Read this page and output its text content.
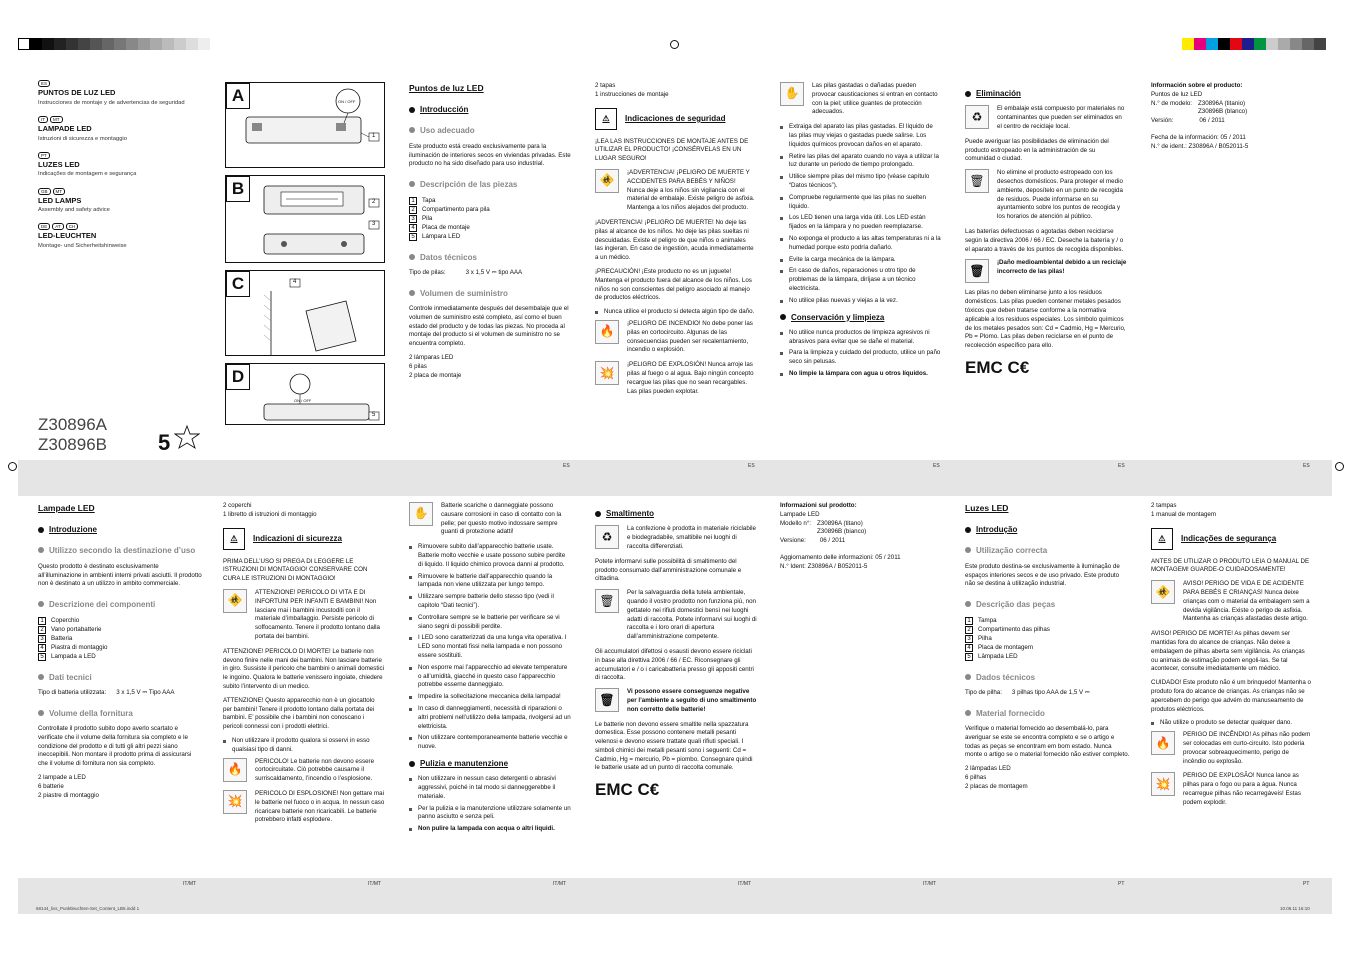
ES	ES	ES	ES	ES
IT/MT	IT/MT	IT/MT	IT/MT	IT/MT	PT	PT
68144_livs_Punktleuchten-Set_Content_LB5.indd 1	10.06.11 16:10
ES
PUNTOS DE LUZ LED
Instrucciones de montaje y de advertencias de seguridad
IT	MT
LAMPADE LED
Istruzioni di sicurezza e montaggio
PT
LUZES LED
Indicações de montagem e segurança
GB	MT
LED LAMPS
Assembly and safety advice
DE	AT	CH
LED-LEUCHTEN
Montage- und Sicherheitshinweise
Z30896A
Z30896B 5
A	ON / OFF
1
B
2
3
C	4
D
ON / OFF
5
Puntos de luz LED
Introducción
Uso adecuado

Este producto está creado exclusivamente para la iluminación de interiores secos en viviendas privadas. Este producto no ha sido diseñado para uso industrial.

Descripción de las piezas
1	Tapa
2	Compartimento para pila
3	Pila
4	Placa de montaje
5	Lámpara LED
Datos técnicos

Tipo de pilas:	3 x 1,5 V ⎓ tipo AAA

Volumen de suministro

Controle inmediatamente después del desembalaje que el volumen de suministro esté completo, así como el buen estado del producto y de todas las piezas. No proceda al montaje del producto si el volumen de suministro no se encuentra completo.

2 lámparas LED
6 pilas
2 placa de montaje
2 tapas
1 instrucciones de montaje
⚠	Indicaciones de seguridad

¡LEA LAS INSTRUCCIONES DE MONTAJE ANTES DE UTILIZAR EL PRODUCTO! ¡CONSÉRVELAS EN UN LUGAR SEGURO!

🚸
¡ADVERTENCIA! ¡PELIGRO DE MUERTE Y ACCIDENTES PARA BEBÉS Y NIÑOS! Nunca deje a los niños sin vigilancia con el material de embalaje. Existe peligro de asfixia. Mantenga a los niños alejados del producto.

¡ADVERTENCIA! ¡PELIGRO DE MUERTE! No deje las pilas al alcance de los niños. No deje las pilas sueltas ni descuidadas. Existe el peligro de que niños o animales las ingieran. En caso de ingestión, acuda inmediatamente a un médico.

¡PRECAUCIÓN! ¡Este producto no es un juguete! Mantenga el producto fuera del alcance de los niños. Los niños no son conscientes del peligro asociado al manejo de productos eléctricos.

Nunca utilice el producto si detecta algún tipo de daño.
🔥
¡PELIGRO DE INCENDIO! No debe poner las pilas en cortocircuito. Algunas de las consecuencias pueden ser recalentamiento, incendio o explosión.
💥
¡PELIGRO DE EXPLOSIÓN! Nunca arroje las pilas al fuego o al agua. Bajo ningún concepto recargue las pilas que no sean recargables. Las pilas pueden explotar.
✋
Las pilas gastadas o dañadas pueden provocar causticaciones si entran en contacto con la piel; utilice guantes de protección adecuados.
Extraiga del aparato las pilas gastadas. El líquido de las pilas muy viejas o gastadas puede salirse. Los líquidos químicos provocan daños en el aparato.
Retire las pilas del aparato cuando no vaya a utilizar la luz durante un periodo de tiempo prolongado.
Utilice siempre pilas del mismo tipo (véase capítulo “Datos técnicos”).
Compruebe regularmente que las pilas no suelten líquido.
Los LED tienen una larga vida útil. Los LED están fijados en la lámpara y no pueden reemplazarse.
No exponga el producto a las altas temperaturas ni a la humedad porque esto podría dañarlo.
Evite la carga mecánica de la lámpara.
En caso de daños, reparaciones u otro tipo de problemas de la lámpara, diríjase a un técnico electricista.
No utilice pilas nuevas y viejas a la vez.
Conservación y limpieza
No utilice nunca productos de limpieza agresivos ni abrasivos para evitar que se dañe el material.
Para la limpieza y cuidado del producto, utilice un paño seco sin pelusas.
No limpie la lámpara con agua u otros líquidos.
Eliminación
♻
El embalaje está compuesto por materiales no contaminantes que pueden ser eliminados en el centro de reciclaje local.

Puede averiguar las posibilidades de eliminación del producto estropeado en la administración de su comunidad o ciudad.

🗑
No elimine el producto estropeado con los desechos domésticos. Para proteger el medio ambiente, deposítelo en un punto de recogida de residuos. Puede informarse en su ayuntamiento sobre los puntos de recogida y los horarios de atención al público.

Las baterías defectuosas o agotadas deben reciclarse según la directiva 2006 / 66 / EC. Deseche la batería y / o el aparato a través de los puntos de recogida disponibles.

🗑
¡Daño medioambiental debido a un reciclaje incorrecto de las pilas!

Las pilas no deben eliminarse junto a los residuos domésticos. Las pilas pueden contener metales pesados tóxicos que deben tratarse conforme a la normativa aplicable a los residuos especiales. Los símbolo químicos de los metales pesados son: Cd = Cadmio, Hg = Mercurio, Pb = Plomo. Las pilas deben reciclarse en el punto de recolección específico para ello.

EMC C€
Información sobre el producto:
Puntos de luz LED
N.° de modelo: Z30896A (titanio)
Z30896B (blanco)
Versión:	06 / 2011
Fecha de la información: 05 / 2011
N.° de ident.: Z30896A / B052011-5
Lampade LED
Introduzione
Utilizzo secondo la destinazione d’uso

Questo prodotto è destinato esclusivamente all’illuminazione in ambienti interni privati asciutti. Il prodotto non è destinato a un utilizzo in ambito commerciale.

Descrizione dei componenti
1	Coperchio
2	Vano portabatterie
3	Batteria
4	Piastra di montaggio
5	Lampada a LED
Dati tecnici

Tipo di batteria utilizzata: 3 x 1,5 V ⎓ Tipo AAA

Volume della fornitura

Controllate il prodotto subito dopo averlo scartato e verificate che il volume della fornitura sia completo e le condizione del prodotto e di tutti gli altri pezzi siano ineccepibili. Non montare il prodotto prima di assicurarsi che il volume di fornitura non sia completo.

2 lampade a LED
6 batterie
2 piastre di montaggio
2 coperchi
1 libretto di istruzioni di montaggio
⚠	Indicazioni di sicurezza

PRIMA DELL’USO SI PREGA DI LEGGERE LE ISTRUZIONI DI MONTAGGIO! CONSERVARE CON CURA LE ISTRUZIONI DI MONTAGGIO!

🚸
ATTENZIONE! PERICOLO DI VITA E DI INFORTUNI PER INFANTI E BAMBINI! Non lasciare mai i bambini incustoditi con il materiale d’imballaggio. Persiste pericolo di soffocamento. Tenere il prodotto lontano dalla portata dei bambini.

ATTENZIONE! PERICOLO DI MORTE! Le batterie non devono finire nelle mani dei bambini. Non lasciare batterie in giro. Sussiste il pericolo che bambini o animali domestici le ingoino. Qualora le batterie venissero ingoiate, chiedere subito l’intervento di un medico.

ATTENZIONE! Questo apparecchio non è un giocattolo per bambini! Tenere il prodotto lontano dalla portata dei bambini. E’ possibile che i bambini non conoscano i pericoli connessi con i prodotti elettrici.

Non utilizzare il prodotto qualora si osservi in esso qualsiasi tipo di danni.
🔥
PERICOLO! Le batterie non devono essere cortocircuitate. Ciò potrebbe causarne il surriscaldamento, l’incendio o l’esplosione.
💥
PERICOLO DI ESPLOSIONE! Non gettare mai le batterie nel fuoco o in acqua. In nessun caso ricaricare batterie non ricaricabili. Le batterie potrebbero infatti esplodere.
✋
Batterie scariche o danneggiate possono causare corrosioni in caso di contatto con la pelle; per questo motivo indossare sempre guanti di protezione adatti!
Rimuovere subito dall’apparecchio batterie usate. Batterie molto vecchie e usate possono subire perdite di liquido. Il liquido chimico provoca danni al prodotto.
Rimuovere le batterie dall’apparecchio quando la lampada non viene utilizzata per lungo tempo.
Utilizzare sempre batterie dello stesso tipo (vedi il capitolo “Dati tecnici”).
Controllare sempre se le batterie per verificare se vi siano segni di possibili perdite.
I LED sono caratterizzati da una lunga vita operativa. I LED sono montati fissi nella lampada e non possono essere sostituiti.
Non esporre mai l’apparecchio ad elevate temperature o all’umidità, giacché in questo caso l’apparecchio potrebbe esserne danneggiato.
Impedire la sollecitazione meccanica della lampada!
In caso di danneggiamenti, necessità di riparazioni o altri problemi nell’utilizzo della lampada, rivolgersi ad un elettricista.
Non utilizzare contemporaneamente batterie vecchie e nuove.
Pulizia e manutenzione
Non utilizzare in nessun caso detergenti o abrasivi aggressivi, poiché in tal modo si danneggerebbe il materiale.
Per la pulizia e la manutenzione utilizzare solamente un panno asciutto e senza peli.
Non pulire la lampada con acqua o altri liquidi.
Smaltimento
♻
La confezione è prodotta in materiale riciclabile e biodegradabile, smaltibile nei luoghi di raccolta differenziati.

Potete informarvi sulle possibilità di smaltimento del prodotto consumato dall’amministrazione comunale e cittadina.

🗑
Per la salvaguardia della tutela ambientale, quando il vostro prodotto non funziona più, non gettatelo nei rifiuti domestici bensì nei luoghi adatti di raccolta. Potete informarvi sui luoghi di raccolta e i loro orari di apertura dall’amministrazione competente.

Gli accumulatori difettosi o esausti devono essere riciclati in base alla direttiva 2006 / 66 / EC. Riconsegnare gli accumulatori e / o i caricabatteria presso gli appositi centri di raccolta.

🗑
Vi possono essere conseguenze negative per l’ambiente a seguito di uno smaltimento non corretto delle batterie!

Le batterie non devono essere smaltite nella spazzatura domestica. Esse possono contenere metalli pesanti velenosi e devono essere trattate quali rifiuti speciali. I simboli chimici dei metalli pesanti sono i seguenti: Cd = Cadmio, Hg = mercurio, Pb = piombo. Consegnare quindi le batterie usate ad un punto di raccolta comunale.

EMC C€
Informazioni sul prodotto:
Lampade LED
Modello n°: Z30896A (titano)
Z30896B (bianco)
Versione: 06 / 2011
Aggiornamento delle informazioni: 05 / 2011
N.° Ident: Z30896A / B052011-5
Luzes LED
Introdução
Utilização correcta

Este produto destina-se exclusivamente à iluminação de espaços interiores secos e de uso privado. Este produto não se destina à utilização industrial.

Descrição das peças
1	Tampa
2	Compartimento das pilhas
3	Pilha
4	Placa de montagem
5	Lâmpada LED
Dados técnicos

Tipo de pilha: 3 pilhas tipo AAA de 1,5 V ⎓

Material fornecido

Verifique o material fornecido ao desembalá-lo, para averiguar se este se encontra completo e se o artigo e todas as peças se encontram em bom estado. Nunca monte o artigo se o material fornecido não estiver completo.

2 lâmpadas LED
6 pilhas
2 placas de montagem
2 tampas
1 manual de montagem
⚠	Indicações de segurança

ANTES DE UTILIZAR O PRODUTO LEIA O MANUAL DE MONTAGEM! GUARDE-O CUIDADOSAMENTE!

🚸
AVISO! PERIGO DE VIDA E DE ACIDENTE PARA BEBÉS E CRIANÇAS! Nunca deixe crianças com o material da embalagem sem a devida vigilância. Existe o perigo de asfixia. Mantenha as crianças afastadas deste artigo.

AVISO! PERIGO DE MORTE! As pilhas devem ser mantidas fora do alcance de crianças. Não deixe a embalagem de pilhas aberta sem vigilância. As crianças ou animais de estimação podem engoli-las. Se tal acontecer, consulte imediatamente um médico.

CUIDADO! Este produto não é um brinquedo! Mantenha o produto fora do alcance de crianças. As crianças não se apercebem do perigo que advém do manuseamento de produtos eléctricos.

Não utilize o produto se detectar qualquer dano.
🔥
PERIGO DE INCÊNDIO! As pilhas não podem ser colocadas em curto-circuito. Isto poderia provocar sobreaquecimento, perigo de incêndio ou explosão.
💥
PERIGO DE EXPLOSÃO! Nunca lance as pilhas para o fogo ou para a água. Nunca recarregue pilhas não recarregáveis! Estas podem explodir.
